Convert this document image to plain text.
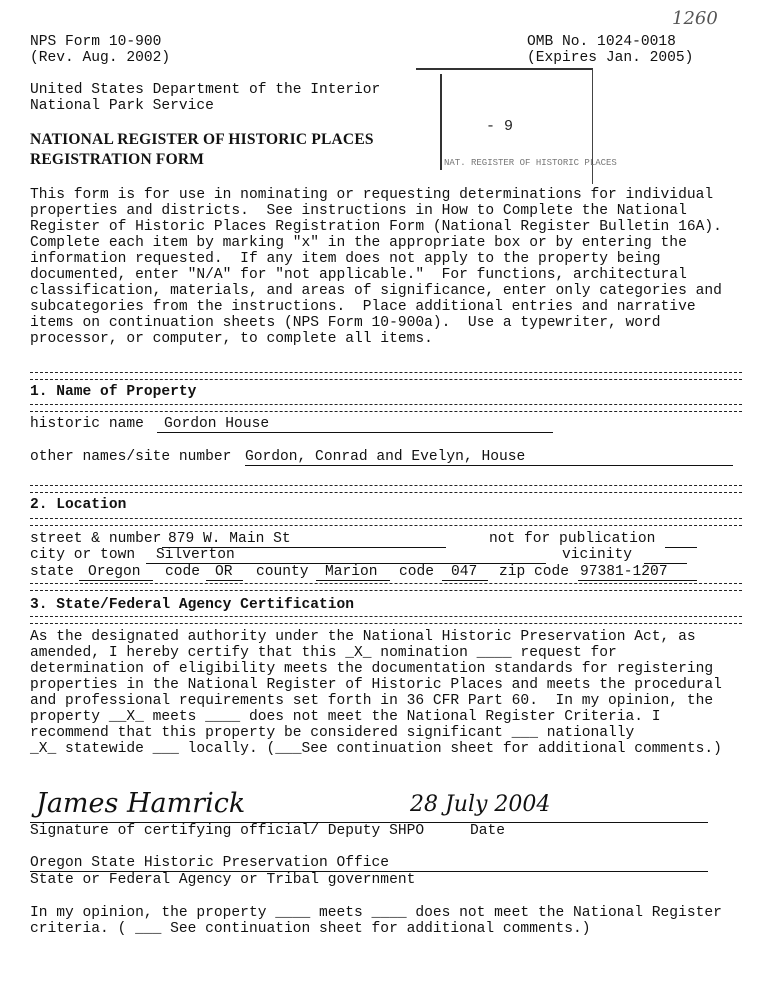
1260
NPS Form 10-900
(Rev. Aug. 2002)
OMB No. 1024-0018
(Expires Jan. 2005)
United States Department of the Interior
National Park Service
NATIONAL REGISTER OF HISTORIC PLACES
REGISTRATION FORM
- 9
NAT. REGISTER OF HISTORIC PLACES
This form is for use in nominating or requesting determinations for individual
properties and districts.  See instructions in How to Complete the National
Register of Historic Places Registration Form (National Register Bulletin 16A).
Complete each item by marking "x" in the appropriate box or by entering the
information requested.  If any item does not apply to the property being
documented, enter "N/A" for "not applicable."  For functions, architectural
classification, materials, and areas of significance, enter only categories and
subcategories from the instructions.  Place additional entries and narrative
items on continuation sheets (NPS Form 10-900a).  Use a typewriter, word
processor, or computer, to complete all items.
1. Name of Property
historic name	Gordon House
other names/site number Gordon, Conrad and Evelyn, House
2. Location
street & number 879 W. Main St	not for publication
city or town	Silverton	vicinity
state Oregon	code	OR	county	Marion	code	047	zip code 97381-1207
3. State/Federal Agency Certification
As the designated authority under the National Historic Preservation Act, as
amended, I hereby certify that this _X_ nomination ____ request for
determination of eligibility meets the documentation standards for registering
properties in the National Register of Historic Places and meets the procedural
and professional requirements set forth in 36 CFR Part 60.  In my opinion, the
property __X_ meets ____ does not meet the National Register Criteria. I
recommend that this property be considered significant ___ nationally
_X_ statewide ___ locally. (___See continuation sheet for additional comments.)
James Hamrick	28 July 2004
Signature of certifying official/ Deputy SHPO	Date
Oregon State Historic Preservation Office
State or Federal Agency or Tribal government
In my opinion, the property ____ meets ____ does not meet the National Register
criteria. ( ___ See continuation sheet for additional comments.)
